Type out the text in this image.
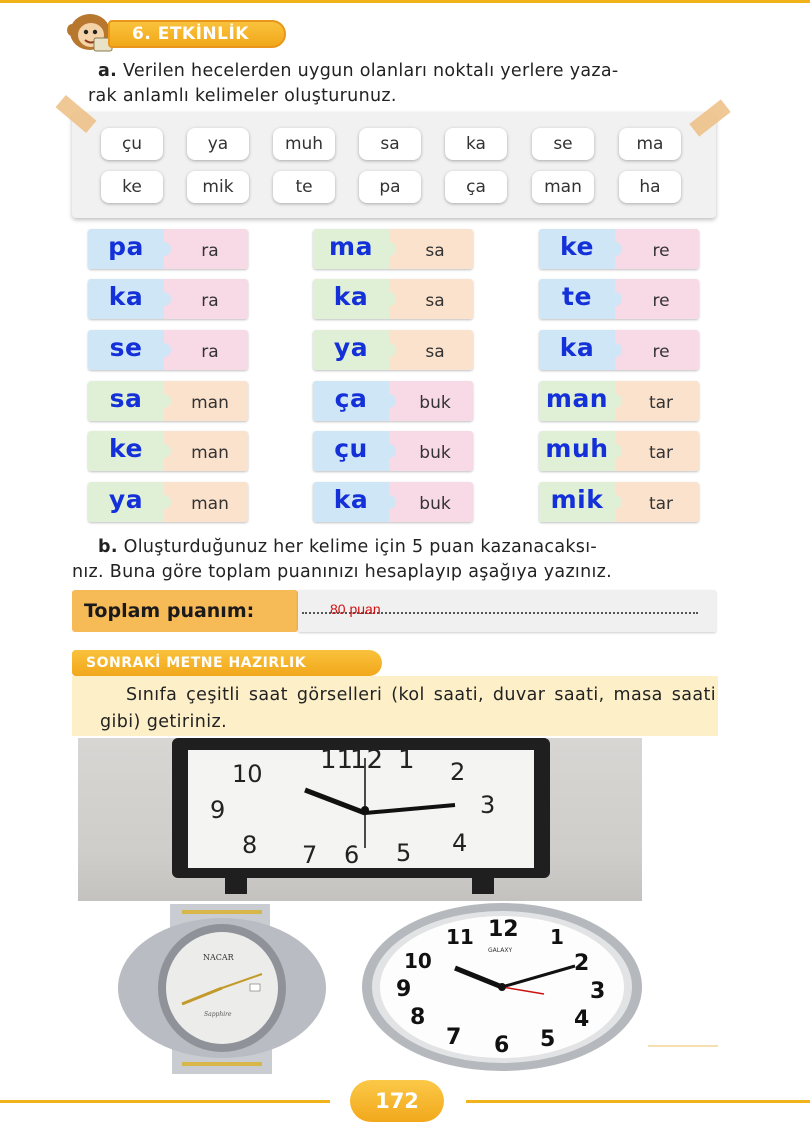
6. ETKİNLİK
a. Verilen hecelerden uygun olanları noktalı yerlere yaza-
rak anlamlı kelimeler oluşturunuz.
çu	ya	muh	sa	ka	se	ma
ke	mik	te	pa	ça	man	ha
pa	ra
ka	ra
se	ra
sa	man
ke	man
ya	man
ma	sa
ka	sa
ya	sa
ça	buk
çu	buk
ka	buk
ke	re
te	re
ka	re
man	tar
muh	tar
mik	tar
b. Oluşturduğunuz her kelime için 5 puan kazanacaksı-
nız. Buna göre toplam puanınızı hesaplayıp aşağıya yazınız.
Toplam puanım:	80 puan
SONRAKİ METNE HAZIRLIK
Sınıfa çeşitli saat görselleri (kol saati, duvar saati, masa saati gibi) getiriniz.
11
12 1 2
3
4
5
6
7
8
9
10
NACAR
Sapphire
12
11	1
2
3
4
5
6
7
8
9
10	GALAXY
172
